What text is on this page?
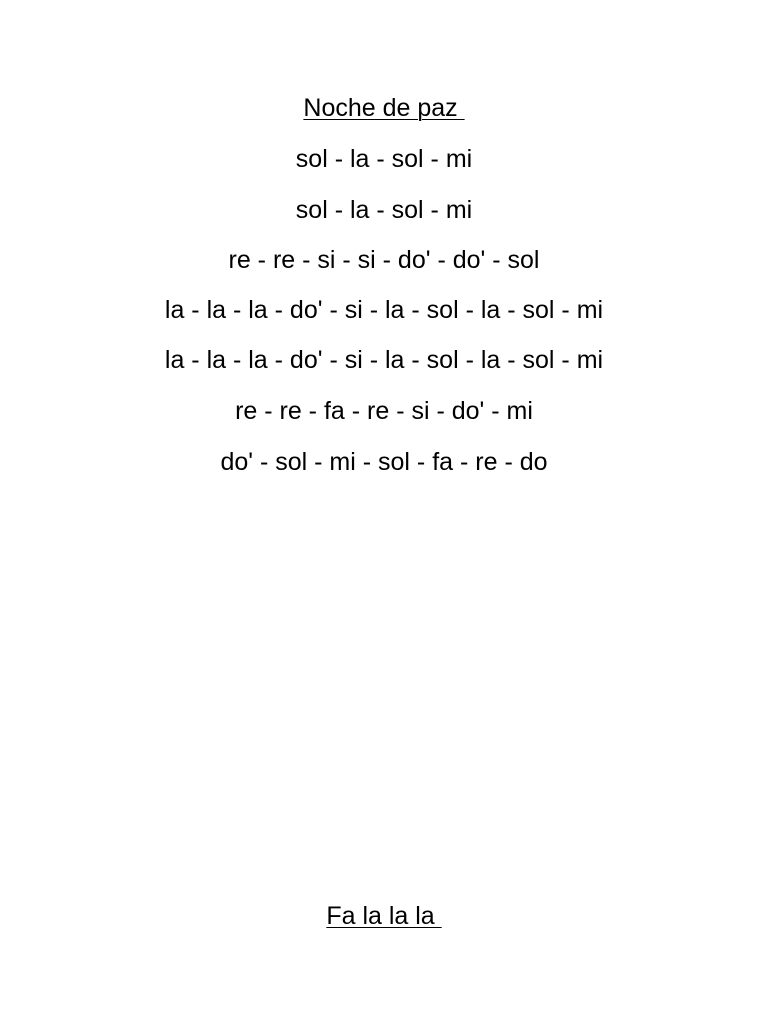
Noche de paz
sol - la - sol - mi
sol - la - sol - mi
re - re - si - si - do' - do' - sol
la - la - la - do' - si - la - sol - la - sol - mi
la - la - la - do' - si - la - sol - la - sol - mi
re - re - fa - re - si - do' - mi
do' - sol - mi - sol - fa - re - do
Fa la la la
